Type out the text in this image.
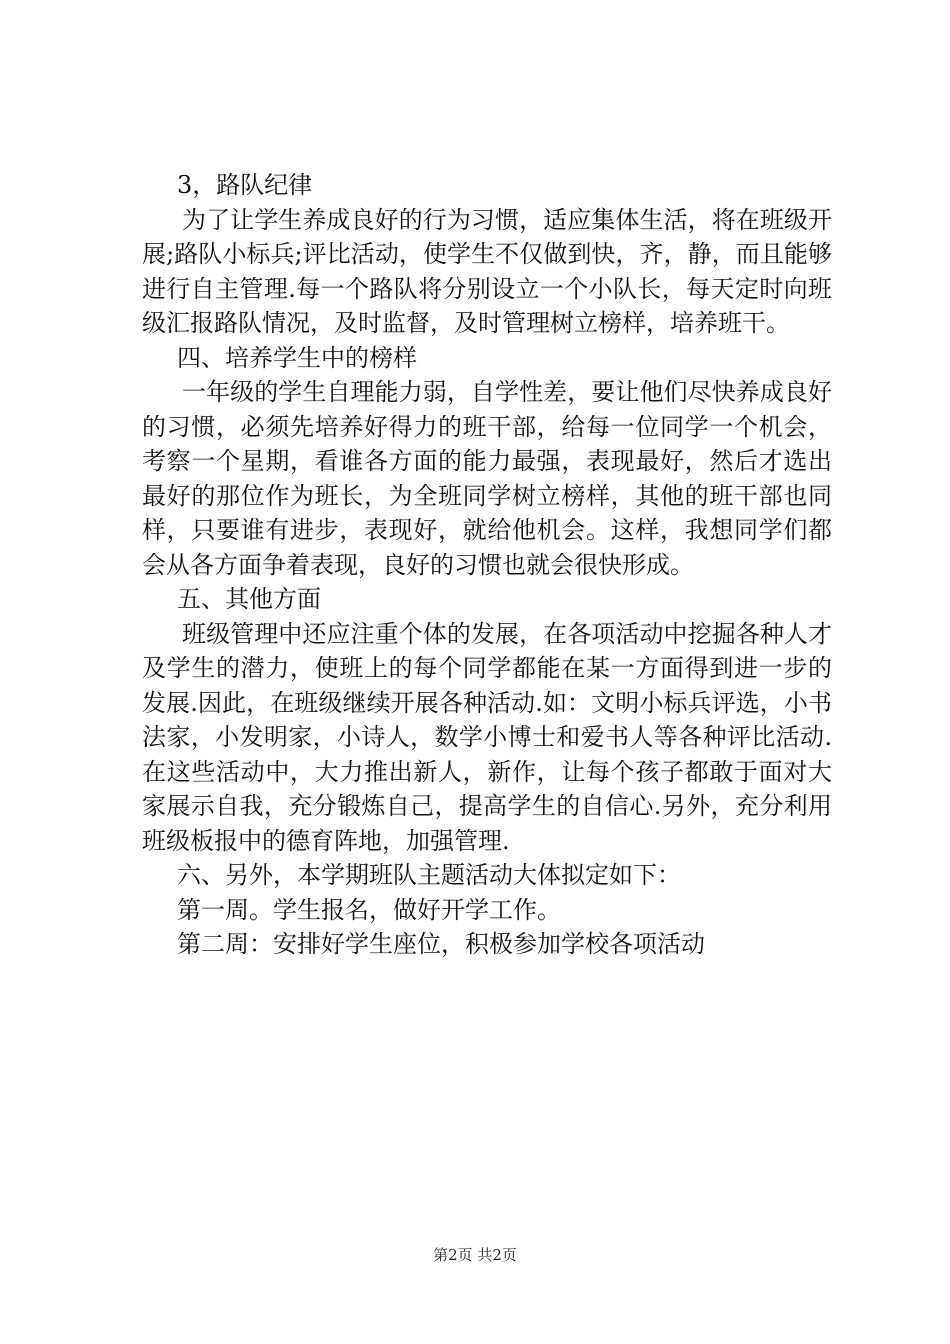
3，路队纪律

为了让学生养成良好的行为习惯，适应集体生活，将在班级开展;路队小标兵;评比活动，使学生不仅做到快，齐，静，而且能够进行自主管理.每一个路队将分别设立一个小队长，每天定时向班级汇报路队情况，及时监督，及时管理树立榜样，培养班干。

四、培养学生中的榜样

一年级的学生自理能力弱，自学性差，要让他们尽快养成良好的习惯，必须先培养好得力的班干部，给每一位同学一个机会，考察一个星期，看谁各方面的能力最强，表现最好，然后才选出最好的那位作为班长，为全班同学树立榜样，其他的班干部也同样，只要谁有进步，表现好，就给他机会。这样，我想同学们都会从各方面争着表现，良好的习惯也就会很快形成。

五、其他方面

班级管理中还应注重个体的发展，在各项活动中挖掘各种人才及学生的潜力，使班上的每个同学都能在某一方面得到进一步的发展.因此，在班级继续开展各种活动.如：文明小标兵评选，小书法家，小发明家，小诗人，数学小博士和爱书人等各种评比活动.在这些活动中，大力推出新人，新作，让每个孩子都敢于面对大家展示自我，充分锻炼自己，提高学生的自信心.另外，充分利用班级板报中的德育阵地，加强管理.

六、另外，本学期班队主题活动大体拟定如下：

第一周。学生报名，做好开学工作。

第二周：安排好学生座位，积极参加学校各项活动

第2页 共2页
